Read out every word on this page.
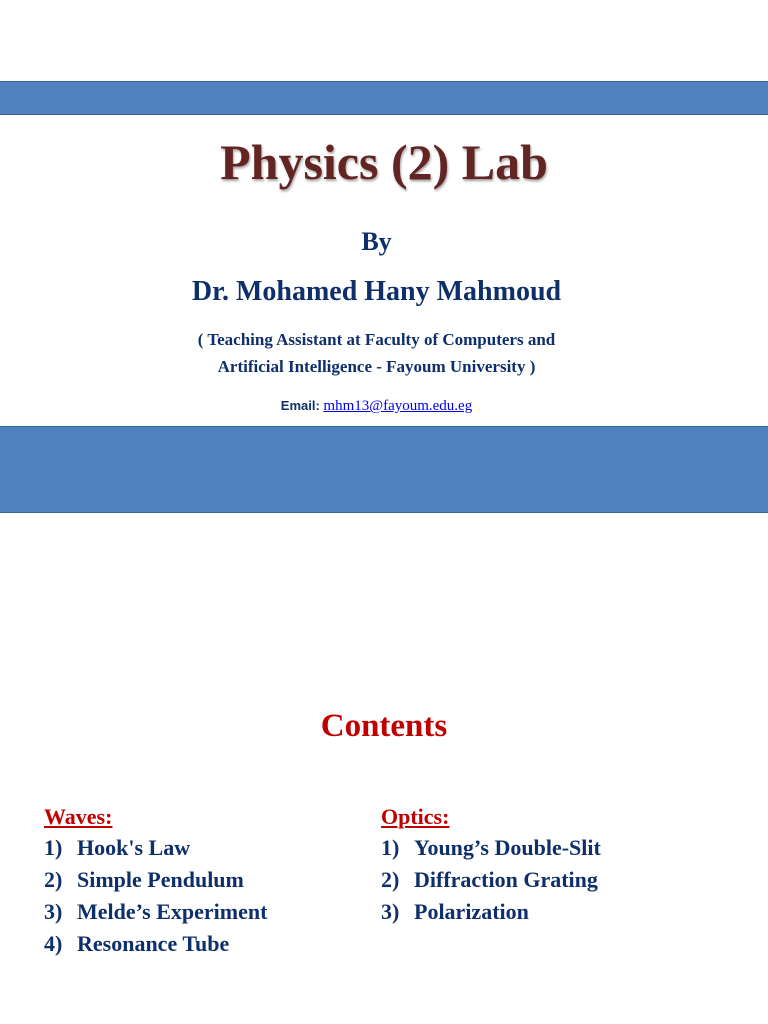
Physics (2) Lab
By
Dr. Mohamed Hany Mahmoud
( Teaching Assistant at Faculty of Computers and
Artificial Intelligence - Fayoum University )
Email: mhm13@fayoum.edu.eg
Contents
Waves:
1) Hook's Law
2) Simple Pendulum
3) Melde’s Experiment
4) Resonance Tube
Optics:
1) Young’s Double-Slit
2) Diffraction Grating
3) Polarization
